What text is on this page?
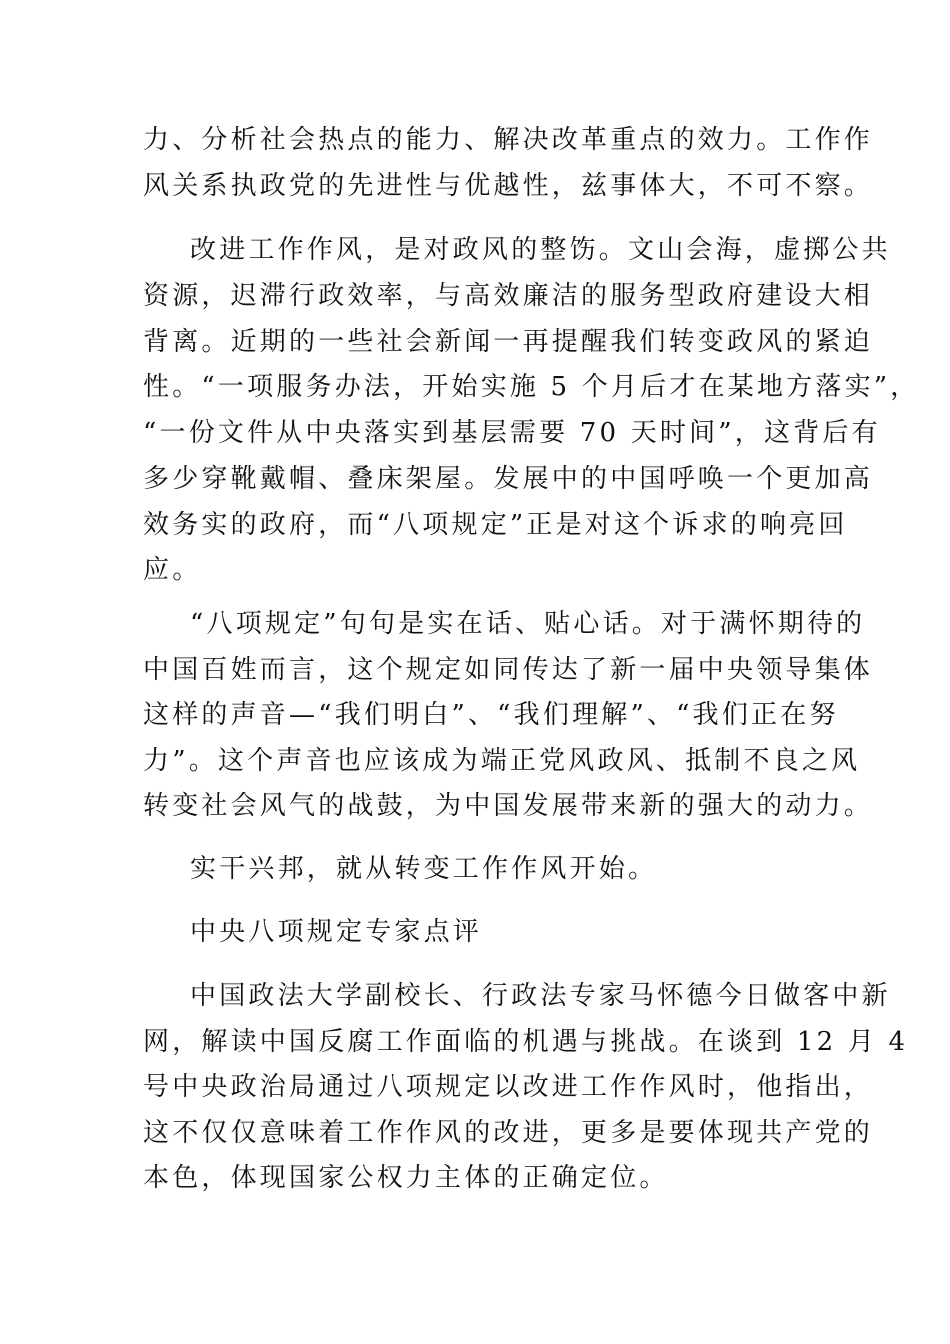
力、分析社会热点的能力、解决改革重点的效力。工作作
风关系执政党的先进性与优越性，兹事体大，不可不察。
改进工作作风，是对政风的整饬。文山会海，虚掷公共
资源，迟滞行政效率，与高效廉洁的服务型政府建设大相
背离。近期的一些社会新闻一再提醒我们转变政风的紧迫
性。“一项服务办法，开始实施 5 个月后才在某地方落实”，
“一份文件从中央落实到基层需要 70 天时间”，这背后有
多少穿靴戴帽、叠床架屋。发展中的中国呼唤一个更加高
效务实的政府，而“八项规定”正是对这个诉求的响亮回
应。
“八项规定”句句是实在话、贴心话。对于满怀期待的
中国百姓而言，这个规定如同传达了新一届中央领导集体
这样的声音—“我们明白”、“我们理解”、“我们正在努
力”。这个声音也应该成为端正党风政风、抵制不良之风
转变社会风气的战鼓，为中国发展带来新的强大的动力。
实干兴邦，就从转变工作作风开始。
中央八项规定专家点评
中国政法大学副校长、行政法专家马怀德今日做客中新
网，解读中国反腐工作面临的机遇与挑战。在谈到 12 月 4
号中央政治局通过八项规定以改进工作作风时，他指出，
这不仅仅意味着工作作风的改进，更多是要体现共产党的
本色，体现国家公权力主体的正确定位。
